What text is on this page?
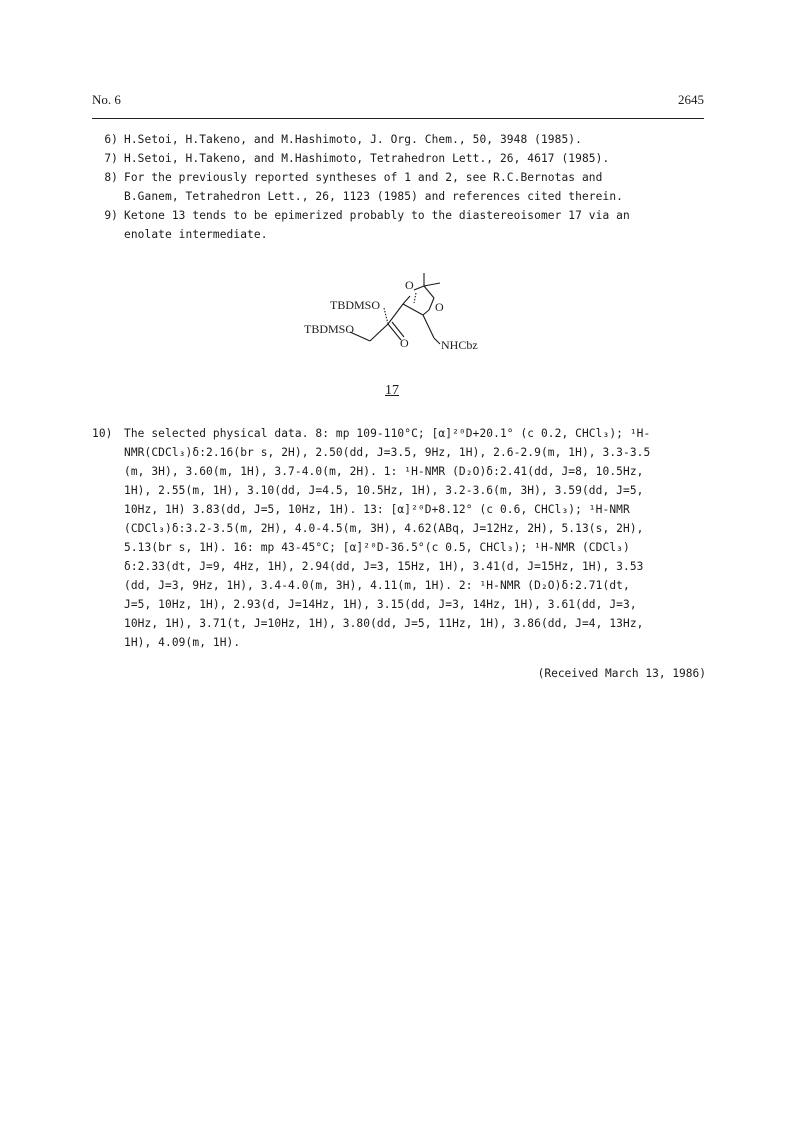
No. 6	2645
6) H.Setoi, H.Takeno, and M.Hashimoto, J. Org. Chem., 50, 3948 (1985).
7) H.Setoi, H.Takeno, and M.Hashimoto, Tetrahedron Lett., 26, 4617 (1985).
8) For the previously reported syntheses of 1 and 2, see R.C.Bernotas and
B.Ganem, Tetrahedron Lett., 26, 1123 (1985) and references cited therein.
9) Ketone 13 tends to be epimerized probably to the diastereoisomer 17 via an
enolate intermediate.
O
O
TBDMSO
TBDMSO
O	NHCbz
17
10)	The selected physical data. 8: mp 109-110°C; [α]²⁰D+20.1° (c 0.2, CHCl₃); ¹H-
NMR(CDCl₃)δ:2.16(br s, 2H), 2.50(dd, J=3.5, 9Hz, 1H), 2.6-2.9(m, 1H), 3.3-3.5
(m, 3H), 3.60(m, 1H), 3.7-4.0(m, 2H). 1: ¹H-NMR (D₂O)δ:2.41(dd, J=8, 10.5Hz,
1H), 2.55(m, 1H), 3.10(dd, J=4.5, 10.5Hz, 1H), 3.2-3.6(m, 3H), 3.59(dd, J=5,
10Hz, 1H) 3.83(dd, J=5, 10Hz, 1H). 13: [α]²⁰D+8.12° (c 0.6, CHCl₃); ¹H-NMR
(CDCl₃)δ:3.2-3.5(m, 2H), 4.0-4.5(m, 3H), 4.62(ABq, J=12Hz, 2H), 5.13(s, 2H),
5.13(br s, 1H). 16: mp 43-45°C; [α]²⁰D-36.5°(c 0.5, CHCl₃); ¹H-NMR (CDCl₃)
δ:2.33(dt, J=9, 4Hz, 1H), 2.94(dd, J=3, 15Hz, 1H), 3.41(d, J=15Hz, 1H), 3.53
(dd, J=3, 9Hz, 1H), 3.4-4.0(m, 3H), 4.11(m, 1H). 2: ¹H-NMR (D₂O)δ:2.71(dt,
J=5, 10Hz, 1H), 2.93(d, J=14Hz, 1H), 3.15(dd, J=3, 14Hz, 1H), 3.61(dd, J=3,
10Hz, 1H), 3.71(t, J=10Hz, 1H), 3.80(dd, J=5, 11Hz, 1H), 3.86(dd, J=4, 13Hz,
1H), 4.09(m, 1H).
(Received March 13, 1986)
